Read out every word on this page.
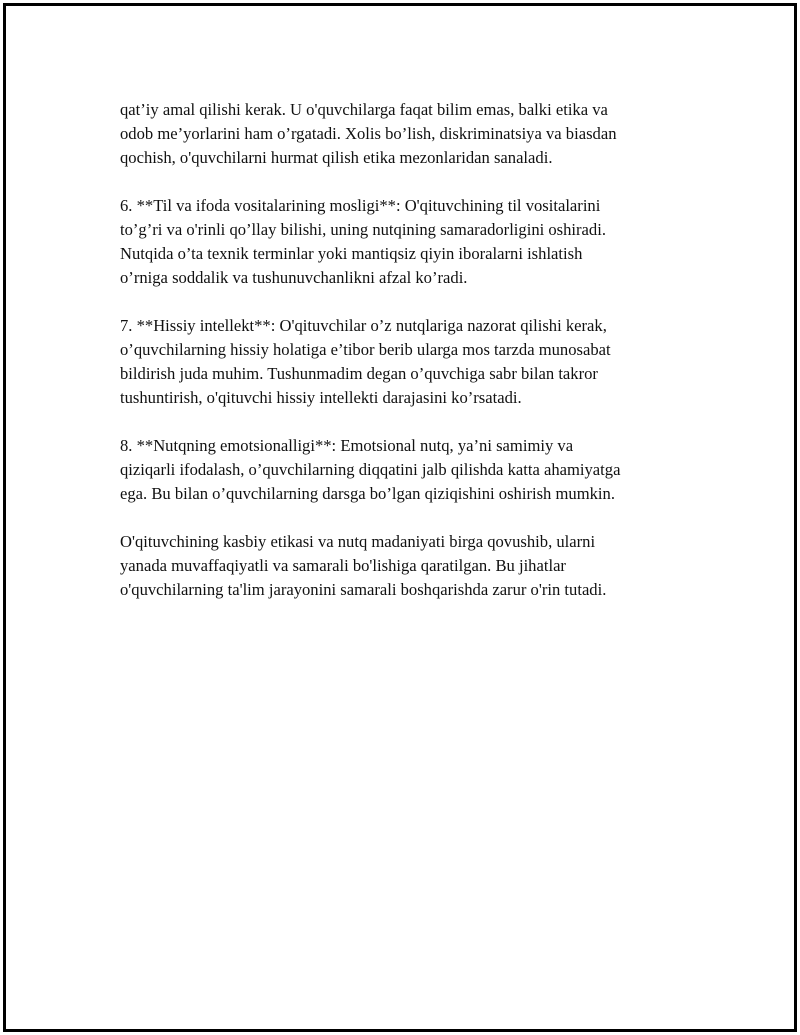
qat’iy amal qilishi kerak. U o'quvchilarga faqat bilim emas, balki etika va
odob me’yorlarini ham o’rgatadi. Xolis bo’lish, diskriminatsiya va biasdan
qochish, o'quvchilarni hurmat qilish etika mezonlaridan sanaladi.

6. **Til va ifoda vositalarining mosligi**: O'qituvchining til vositalarini
to’g’ri va o'rinli qo’llay bilishi, uning nutqining samaradorligini oshiradi.
Nutqida o’ta texnik terminlar yoki mantiqsiz qiyin iboralarni ishlatish
o’rniga soddalik va tushunuvchanlikni afzal ko’radi.

7. **Hissiy intellekt**: O'qituvchilar o’z nutqlariga nazorat qilishi kerak,
o’quvchilarning hissiy holatiga e’tibor berib ularga mos tarzda munosabat
bildirish juda muhim. Tushunmadim degan o’quvchiga sabr bilan takror
tushuntirish, o'qituvchi hissiy intellekti darajasini ko’rsatadi.

8. **Nutqning emotsionalligi**: Emotsional nutq, ya’ni samimiy va
qiziqarli ifodalash, o’quvchilarning diqqatini jalb qilishda katta ahamiyatga
ega. Bu bilan o’quvchilarning darsga bo’lgan qiziqishini oshirish mumkin.

O'qituvchining kasbiy etikasi va nutq madaniyati birga qovushib, ularni
yanada muvaffaqiyatli va samarali bo'lishiga qaratilgan. Bu jihatlar
o'quvchilarning ta'lim jarayonini samarali boshqarishda zarur o'rin tutadi.
